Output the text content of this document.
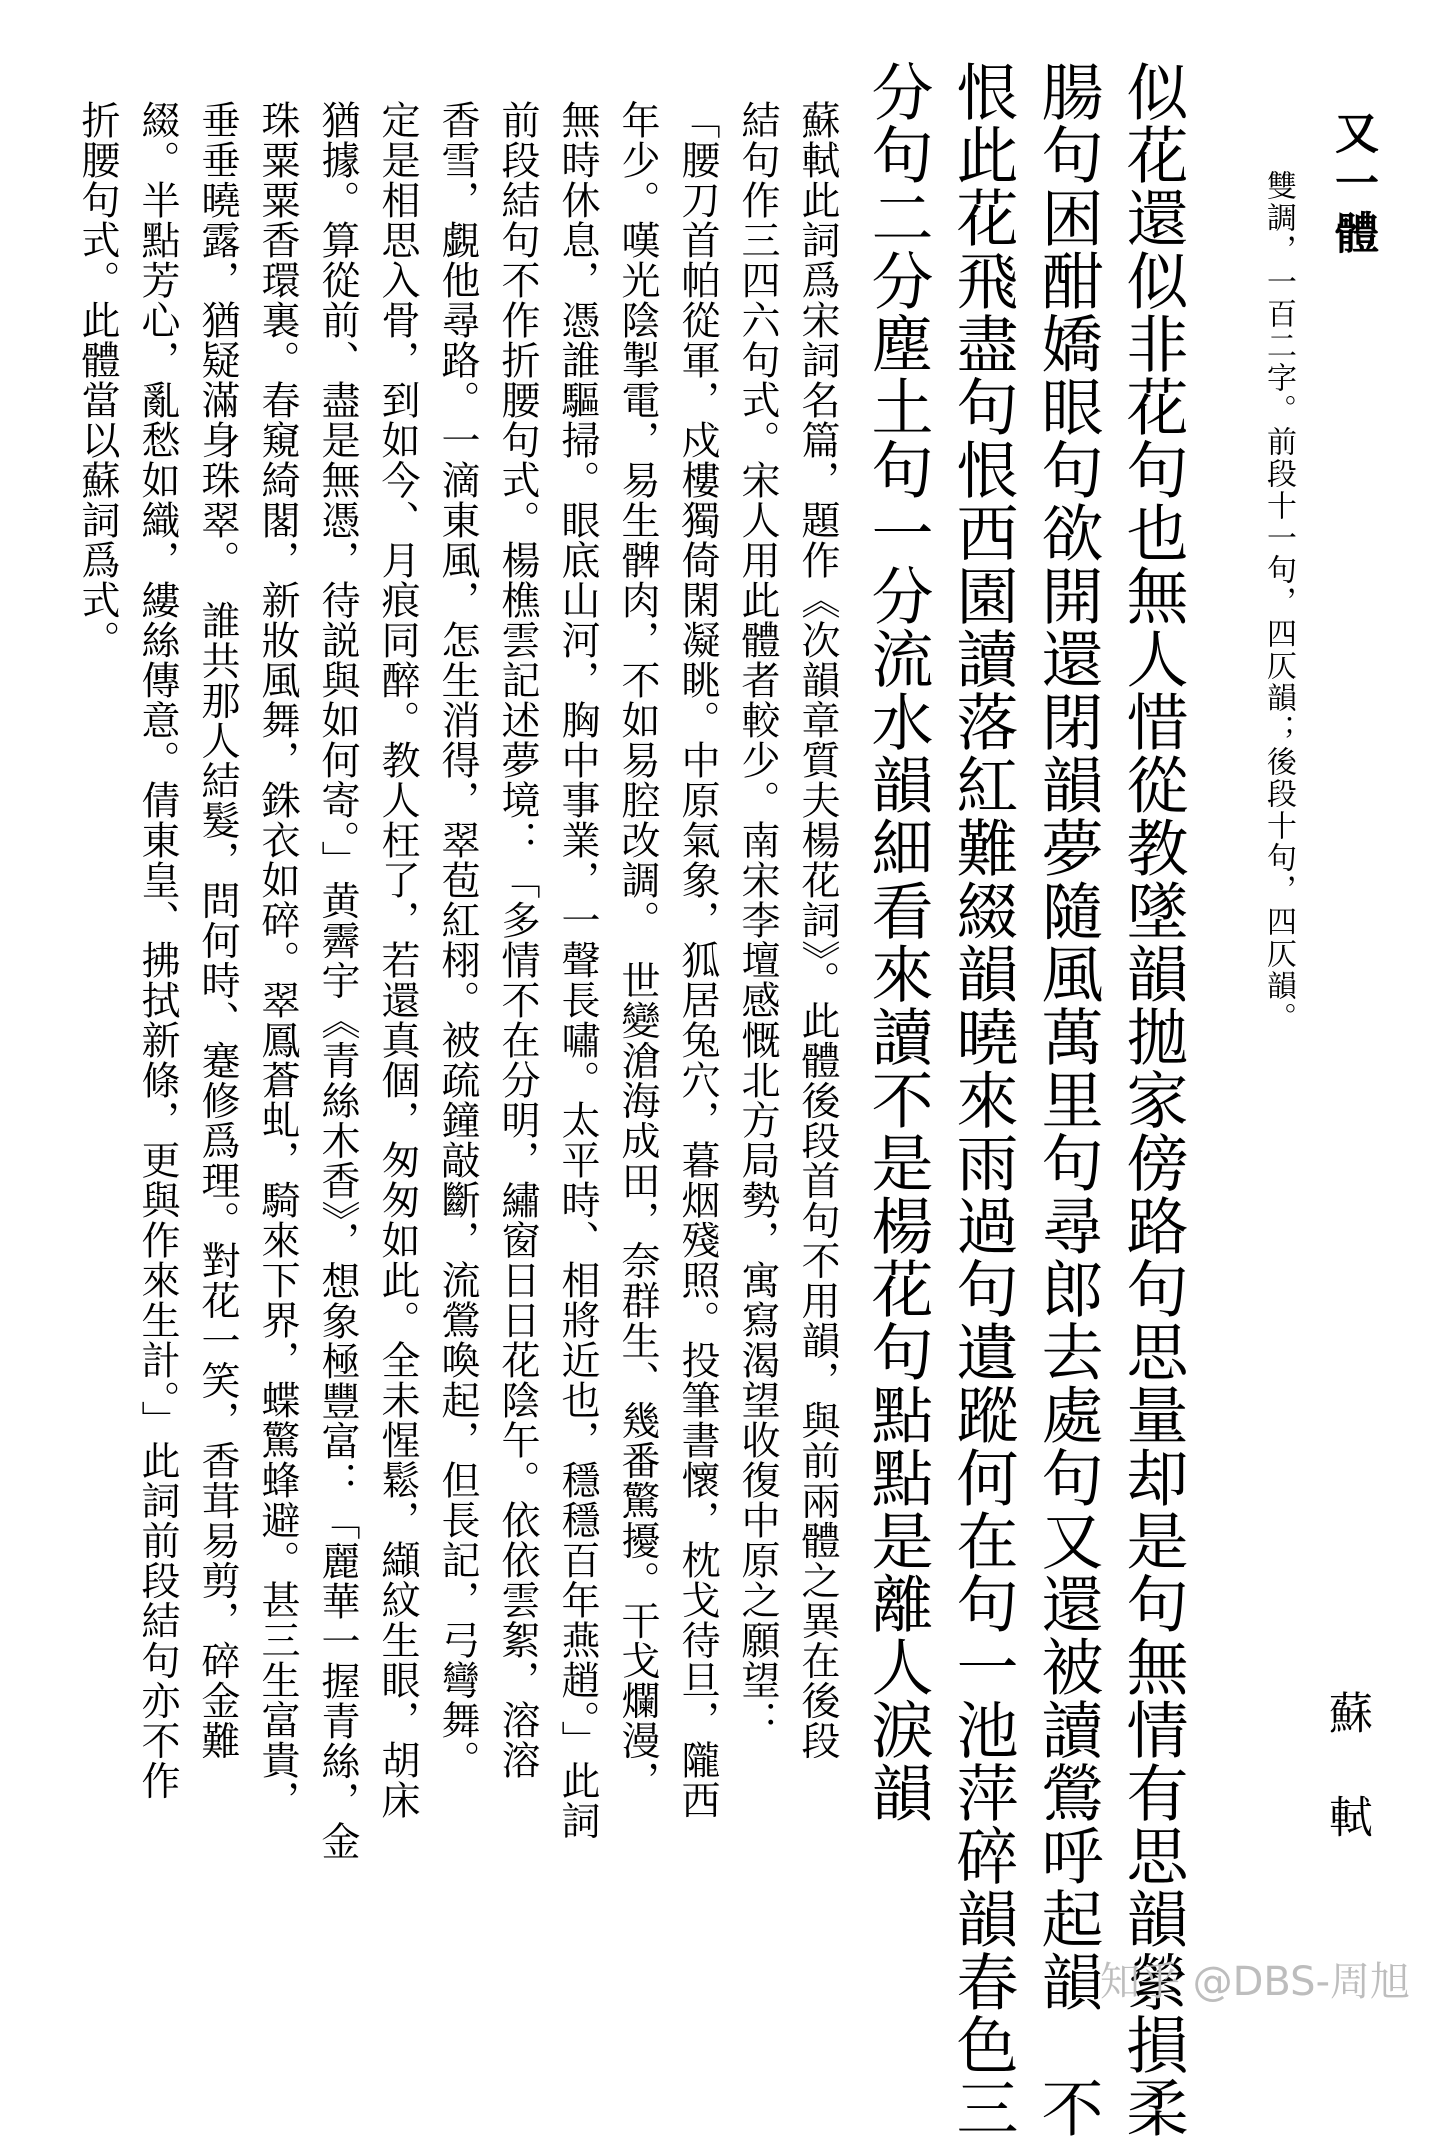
又一體
蘇軾
雙調，一百二字。前段十一句，四仄韻；後段十句，四仄韻。
似花還似非花句也無人惜從教墜韻拋家傍路句思量却是句無情有思韻縈損柔
腸句困酣嬌眼句欲開還閉韻夢隨風萬里句尋郎去處句又還被讀鶯呼起韻　不
恨此花飛盡句恨西園讀落紅難綴韻曉來雨過句遺蹤何在句一池萍碎韻春色三
分句二分塵土句一分流水韻細看來讀不是楊花句點點是離人淚韻
蘇軾此詞爲宋詞名篇，題作《次韻章質夫楊花詞》。此體後段首句不用韻，與前兩體之異在後段
結句作三四六句式。宋人用此體者較少。南宋李壇感慨北方局勢，寓寫渴望收復中原之願望：
「腰刀首帕從軍，戍樓獨倚閑凝眺。中原氣象，狐居兔穴，暮烟殘照。投筆書懷，枕戈待旦，隴西
年少。嘆光陰掣電，易生髀肉，不如易腔改調。　世變滄海成田，奈群生、幾番驚擾。干戈爛漫，
無時休息，憑誰驅掃。眼底山河，胸中事業，一聲長嘯。太平時、相將近也，穩穩百年燕趙。」此詞
前段結句不作折腰句式。楊樵雲記述夢境：「多情不在分明，繡窗日日花陰午。依依雲絮，溶溶
香雪，覷他尋路。一滴東風，怎生消得，翠苞紅栩。被疏鐘敲斷，流鶯喚起，但長記，弓彎舞。
定是相思入骨，到如今、月痕同醉。教人枉了，若還真個，匆匆如此。全未惺鬆，纈紋生眼，胡床
猶據。算從前、盡是無憑，待説與如何寄。」黄霽宇《青絲木香》，想象極豐富：「麗華一握青絲，金
珠粟粟香環裏。春窺綺閣，新妝風舞，銖衣如碎。翠鳳蒼虬，騎來下界，蝶驚蜂避。甚三生富貴，
垂垂曉露，猶疑滿身珠翠。　誰共那人結髮，問何時、蹇修爲理。對花一笑，香茸易剪，碎金難
綴。半點芳心，亂愁如織，縷絲傳意。倩東皇、拂拭新條，更與作來生計。」此詞前段結句亦不作
折腰句式。此體當以蘇詞爲式。
知乎 @DBS-周旭
